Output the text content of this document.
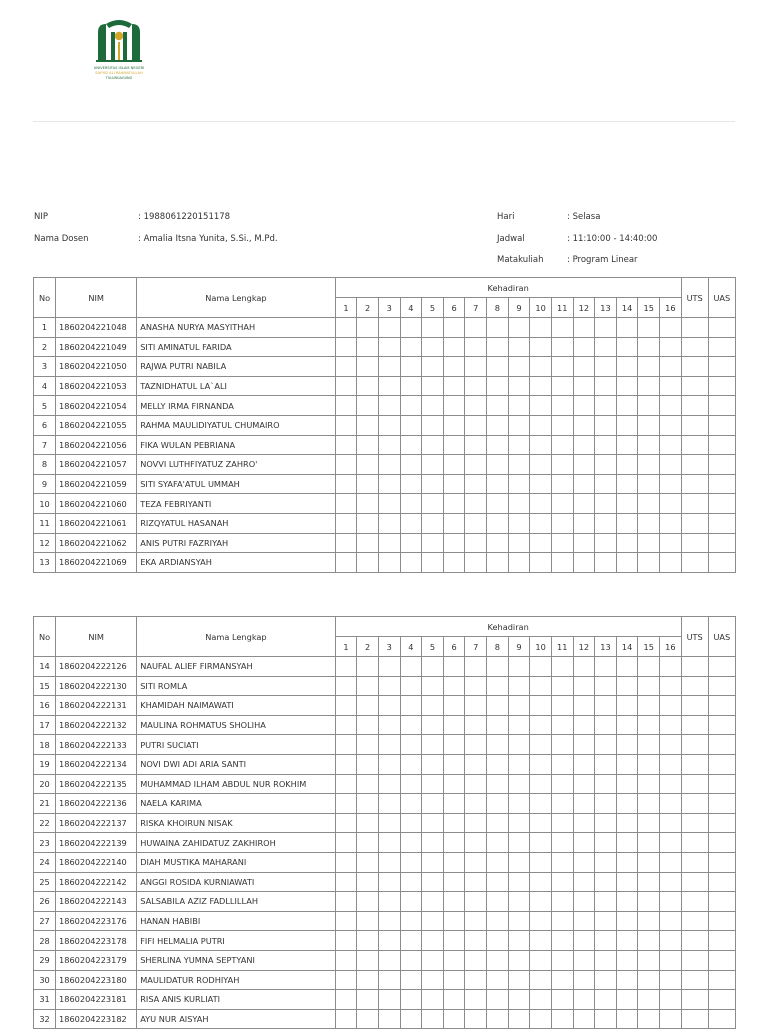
UNIVERSITAS ISLAM NEGERI
SAYYID ALI RAHMATULLAH
TULUNGAGUNG
NIP	: 1988061220151178
Nama Dosen	: Amalia Itsna Yunita, S.Si., M.Pd.
Hari	: Selasa
Jadwal	: 11:10:00 - 14:40:00
Matakuliah	: Program Linear
No	NIM	Nama Lengkap	Kehadiran																UTS	UAS
			1	2	3	4	5	6	7	8	9	10	11	12	13	14	15	16		
1	1860204221048	ANASHA NURYA MASYITHAH																		
2	1860204221049	SITI AMINATUL FARIDA																		
3	1860204221050	RAJWA PUTRI NABILA																		
4	1860204221053	TAZNIDHATUL LA`ALI																		
5	1860204221054	MELLY IRMA FIRNANDA																		
6	1860204221055	RAHMA MAULIDIYATUL CHUMAIRO																		
7	1860204221056	FIKA WULAN PEBRIANA																		
8	1860204221057	NOVVI LUTHFIYATUZ ZAHRO'																		
9	1860204221059	SITI SYAFA'ATUL UMMAH																		
10	1860204221060	TEZA FEBRIYANTI																		
11	1860204221061	RIZQYATUL HASANAH																		
12	1860204221062	ANIS PUTRI FAZRIYAH																		
13	1860204221069	EKA ARDIANSYAH																		
No	NIM	Nama Lengkap	Kehadiran																UTS	UAS
			1	2	3	4	5	6	7	8	9	10	11	12	13	14	15	16		
14	1860204222126	NAUFAL ALIEF FIRMANSYAH																		
15	1860204222130	SITI ROMLA																		
16	1860204222131	KHAMIDAH NAIMAWATI																		
17	1860204222132	MAULINA ROHMATUS SHOLIHA																		
18	1860204222133	PUTRI SUCIATI																		
19	1860204222134	NOVI DWI ADI ARIA SANTI																		
20	1860204222135	MUHAMMAD ILHAM ABDUL NUR ROKHIM																		
21	1860204222136	NAELA KARIMA																		
22	1860204222137	RISKA KHOIRUN NISAK																		
23	1860204222139	HUWAINA ZAHIDATUZ ZAKHIROH																		
24	1860204222140	DIAH MUSTIKA MAHARANI																		
25	1860204222142	ANGGI ROSIDA KURNIAWATI																		
26	1860204222143	SALSABILA AZIZ FADLLILLAH																		
27	1860204223176	HANAN HABIBI																		
28	1860204223178	FIFI HELMALIA PUTRI																		
29	1860204223179	SHERLINA YUMNA SEPTYANI																		
30	1860204223180	MAULIDATUR RODHIYAH																		
31	1860204223181	RISA ANIS KURLIATI																		
32	1860204223182	AYU NUR AISYAH																		
